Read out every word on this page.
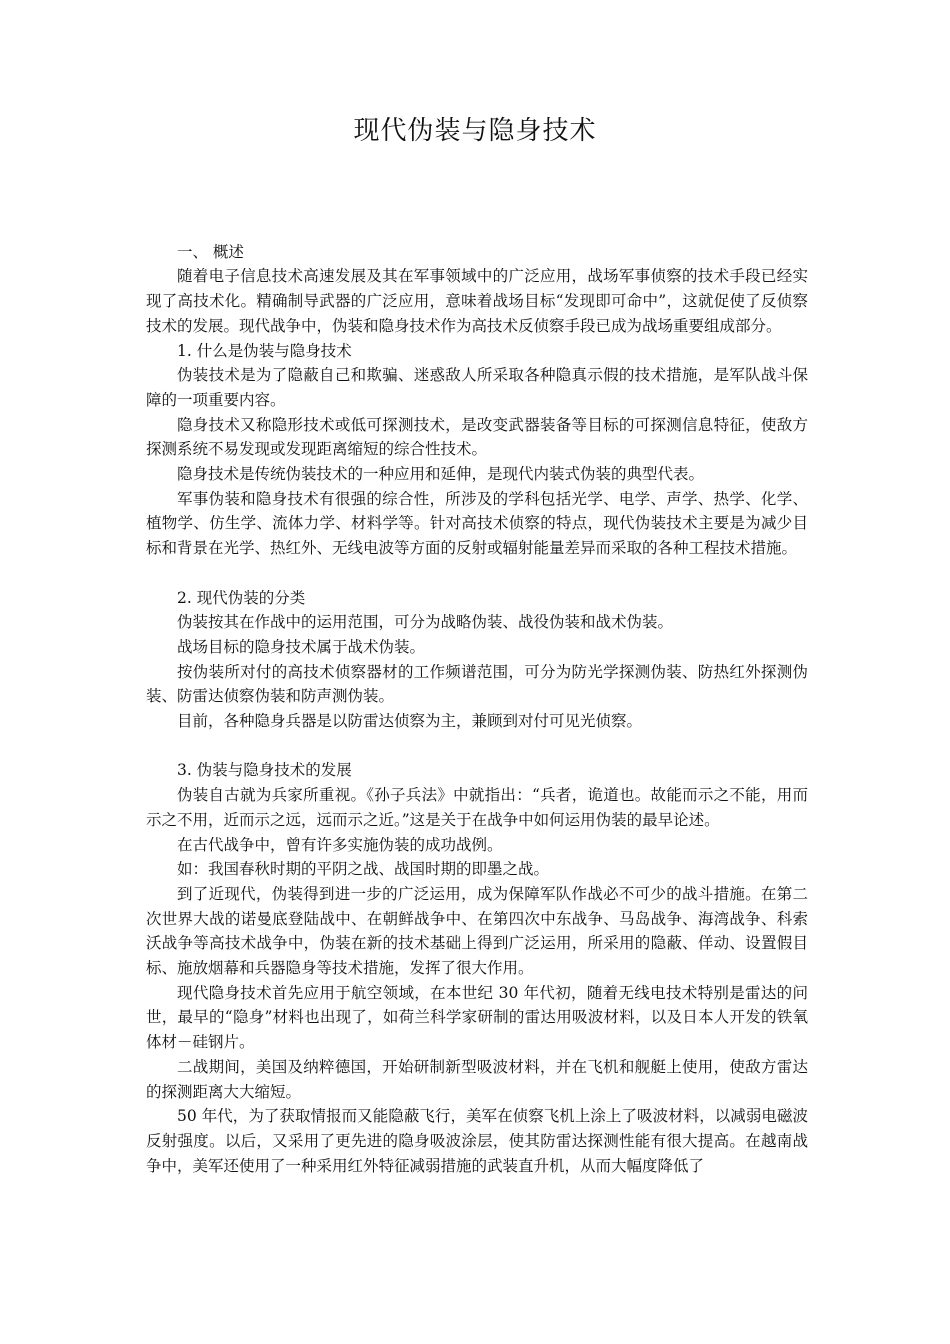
现代伪装与隐身技术

一、 概述

随着电子信息技术高速发展及其在军事领域中的广泛应用，战场军事侦察的技术手段已经实现了高技术化。精确制导武器的广泛应用，意味着战场目标“发现即可命中”，这就促使了反侦察技术的发展。现代战争中，伪装和隐身技术作为高技术反侦察手段已成为战场重要组成部分。

1. 什么是伪装与隐身技术

伪装技术是为了隐蔽自己和欺骗、迷惑敌人所采取各种隐真示假的技术措施，是军队战斗保障的一项重要内容。

隐身技术又称隐形技术或低可探测技术，是改变武器装备等目标的可探测信息特征，使敌方探测系统不易发现或发现距离缩短的综合性技术。

隐身技术是传统伪装技术的一种应用和延伸，是现代内装式伪装的典型代表。

军事伪装和隐身技术有很强的综合性，所涉及的学科包括光学、电学、声学、热学、化学、植物学、仿生学、流体力学、材料学等。针对高技术侦察的特点，现代伪装技术主要是为减少目标和背景在光学、热红外、无线电波等方面的反射或辐射能量差异而采取的各种工程技术措施。

2. 现代伪装的分类

伪装按其在作战中的运用范围，可分为战略伪装、战役伪装和战术伪装。

战场目标的隐身技术属于战术伪装。

按伪装所对付的高技术侦察器材的工作频谱范围，可分为防光学探测伪装、防热红外探测伪装、防雷达侦察伪装和防声测伪装。

目前，各种隐身兵器是以防雷达侦察为主，兼顾到对付可见光侦察。

3. 伪装与隐身技术的发展

伪装自古就为兵家所重视。《孙子兵法》中就指出：“兵者，诡道也。故能而示之不能，用而示之不用，近而示之远，远而示之近。”这是关于在战争中如何运用伪装的最早论述。

在古代战争中，曾有许多实施伪装的成功战例。

如：我国春秋时期的平阴之战、战国时期的即墨之战。

到了近现代，伪装得到进一步的广泛运用，成为保障军队作战必不可少的战斗措施。在第二次世界大战的诺曼底登陆战中、在朝鲜战争中、在第四次中东战争、马岛战争、海湾战争、科索沃战争等高技术战争中，伪装在新的技术基础上得到广泛运用，所采用的隐蔽、佯动、设置假目标、施放烟幕和兵器隐身等技术措施，发挥了很大作用。

现代隐身技术首先应用于航空领域，在本世纪 30 年代初，随着无线电技术特别是雷达的问世，最早的“隐身”材料也出现了，如荷兰科学家研制的雷达用吸波材料，以及日本人开发的铁氧体材－硅钢片。

二战期间，美国及纳粹德国，开始研制新型吸波材料，并在飞机和舰艇上使用，使敌方雷达的探测距离大大缩短。

50 年代，为了获取情报而又能隐蔽飞行，美军在侦察飞机上涂上了吸波材料，以减弱电磁波反射强度。以后，又采用了更先进的隐身吸波涂层，使其防雷达探测性能有很大提高。在越南战争中，美军还使用了一种采用红外特征减弱措施的武装直升机，从而大幅度降低了
